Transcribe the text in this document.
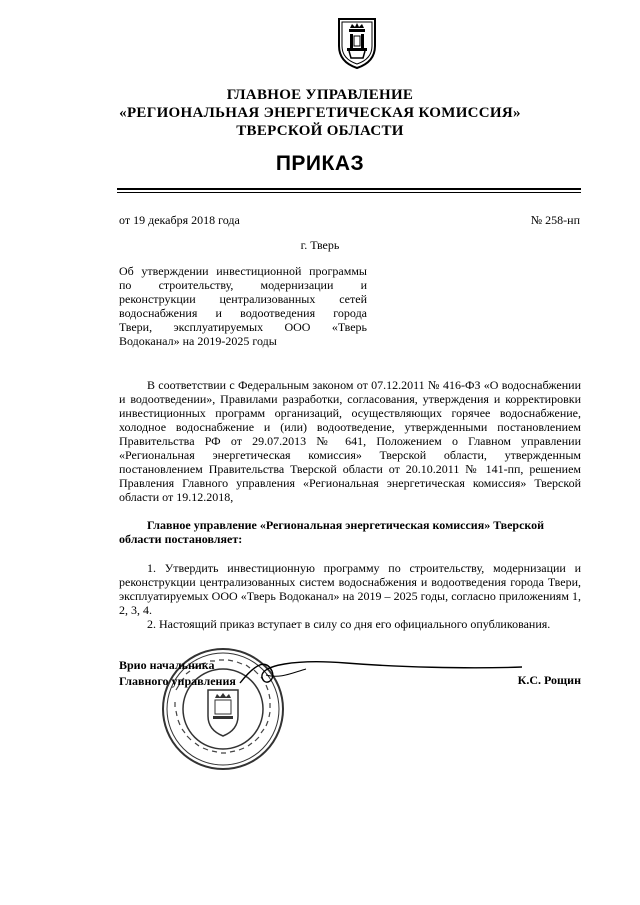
ГЛАВНОЕ УПРАВЛЕНИЕ
«РЕГИОНАЛЬНАЯ ЭНЕРГЕТИЧЕСКАЯ КОМИССИЯ»
ТВЕРСКОЙ ОБЛАСТИ
ПРИКАЗ
от 19 декабря 2018 года	№ 258-нп
г. Тверь
Об утверждении инвестиционной программы
по строительству, модернизации и
реконструкции централизованных сетей
водоснабжения и водоотведения города
Твери, эксплуатируемых ООО «Тверь
Водоканал» на 2019-2025 годы
В соответствии с Федеральным законом от 07.12.2011 № 416-ФЗ «О водоснабжении и водоотведении», Правилами разработки, согласования, утверждения и корректировки инвестиционных программ организаций, осуществляющих горячее водоснабжение, холодное водоснабжение и (или) водоотведение, утвержденными постановлением Правительства РФ от 29.07.2013 № 641, Положением о Главном управлении «Региональная энергетическая комиссия» Тверской области, утвержденным постановлением Правительства Тверской области от 20.10.2011 № 141-пп, решением Правления Главного управления «Региональная энергетическая комиссия» Тверской области от 19.12.2018,
Главное управление «Региональная энергетическая комиссия» Тверской
области постановляет:
1. Утвердить инвестиционную программу по строительству, модернизации и реконструкции централизованных систем водоснабжения и водоотведения города Твери, эксплуатируемых ООО «Тверь Водоканал» на 2019 – 2025 годы, согласно приложениям 1, 2, 3, 4.
2. Настоящий приказ вступает в силу со дня его официального опубликования.
Врио начальника
Главного управления	К.С. Рощин
